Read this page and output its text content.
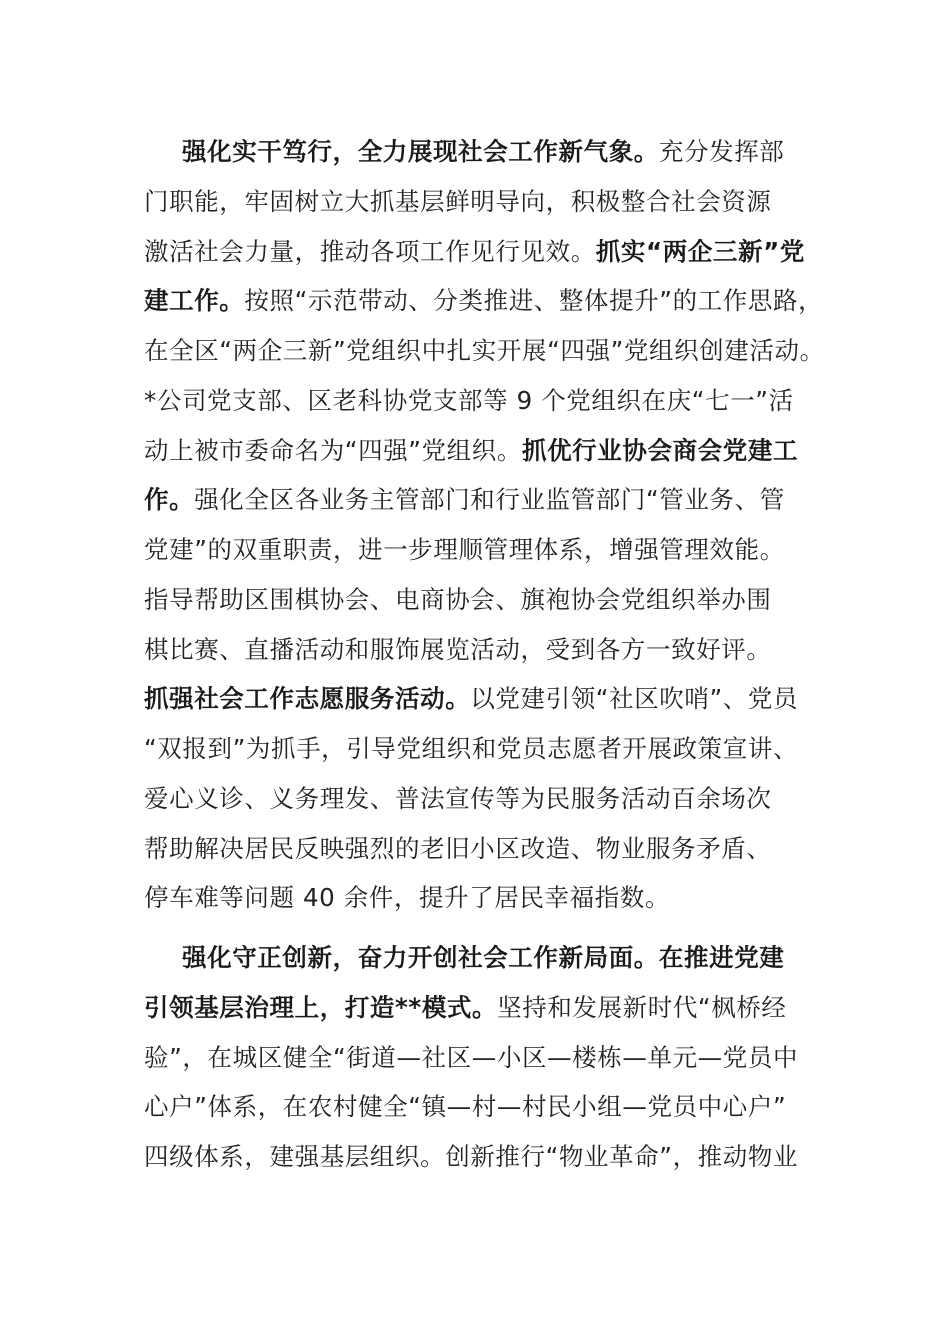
强化实干笃行，全力展现社会工作新气象。充分发挥部
门职能，牢固树立大抓基层鲜明导向，积极整合社会资源
激活社会力量，推动各项工作见行见效。抓实“两企三新”党
建工作。按照“示范带动、分类推进、整体提升”的工作思路，
在全区“两企三新”党组织中扎实开展“四强”党组织创建活动。
*公司党支部、区老科协党支部等 9 个党组织在庆“七一”活
动上被市委命名为“四强”党组织。抓优行业协会商会党建工
作。强化全区各业务主管部门和行业监管部门“管业务、管
党建”的双重职责，进一步理顺管理体系，增强管理效能。
指导帮助区围棋协会、电商协会、旗袍协会党组织举办围
棋比赛、直播活动和服饰展览活动，受到各方一致好评。
抓强社会工作志愿服务活动。以党建引领“社区吹哨”、党员
“双报到”为抓手，引导党组织和党员志愿者开展政策宣讲、
爱心义诊、义务理发、普法宣传等为民服务活动百余场次
帮助解决居民反映强烈的老旧小区改造、物业服务矛盾、
停车难等问题 40 余件，提升了居民幸福指数。
强化守正创新，奋力开创社会工作新局面。在推进党建
引领基层治理上，打造**模式。坚持和发展新时代“枫桥经
验”，在城区健全“街道—社区—小区—楼栋—单元—党员中
心户”体系，在农村健全“镇—村—村民小组—党员中心户”
四级体系，建强基层组织。创新推行“物业革命”，推动物业
